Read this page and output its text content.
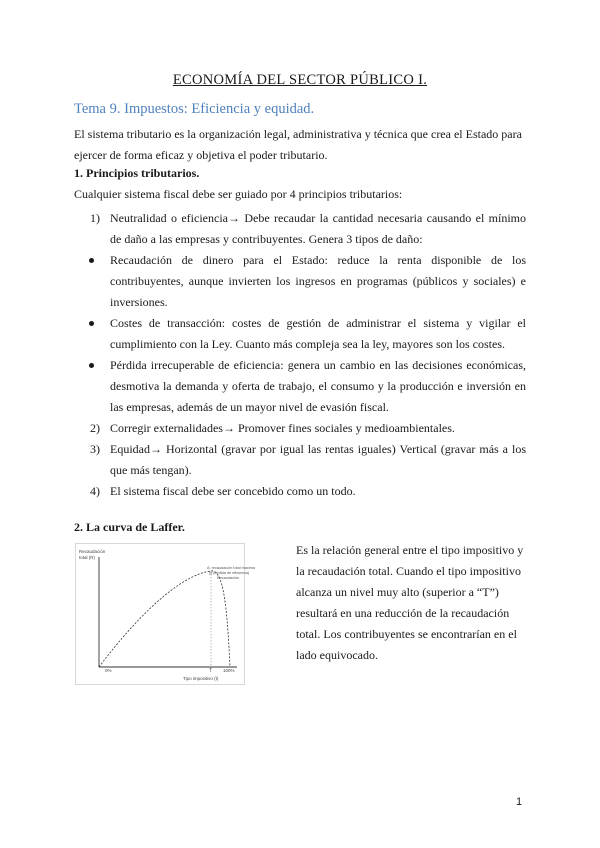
ECONOMÍA DEL SECTOR PÚBLICO I.
Tema 9. Impuestos: Eficiencia y equidad.
El sistema tributario es la organización legal, administrativa y técnica que crea el Estado para ejercer de forma eficaz y objetiva el poder tributario.
1. Principios tributarios.
Cualquier sistema fiscal debe ser guiado por 4 principios tributarios:
1) Neutralidad o eficiencia→ Debe recaudar la cantidad necesaria causando el mínimo de daño a las empresas y contribuyentes. Genera 3 tipos de daño:
Recaudación de dinero para el Estado: reduce la renta disponible de los contribuyentes, aunque invierten los ingresos en programas (públicos y sociales) e inversiones.
Costes de transacción: costes de gestión de administrar el sistema y vigilar el cumplimiento con la Ley. Cuanto más compleja sea la ley, mayores son los costes.
Pérdida irrecuperable de eficiencia: genera un cambio en las decisiones económicas, desmotiva la demanda y oferta de trabajo, el consumo y la producción e inversión en las empresas, además de un mayor nivel de evasión fiscal.
2) Corregir externalidades→ Promover fines sociales y medioambientales.
3) Equidad→ Horizontal (gravar por igual las rentas iguales) Vertical (gravar más a los que más tengan).
4) El sistema fiscal debe ser concebido como un todo.
2. La curva de Laffer.
Recaudación
total (R)
A: recaudación total máxima
(y pérdida de eficiencia)
Recaudación
0%	T 100%
Tipo impositivo (t)
Es la relación general entre el tipo impositivo y la recaudación total. Cuando el tipo impositivo alcanza un nivel muy alto (superior a “T”) resultará en una reducción de la recaudación total. Los contribuyentes se encontrarían en el lado equivocado.
1
